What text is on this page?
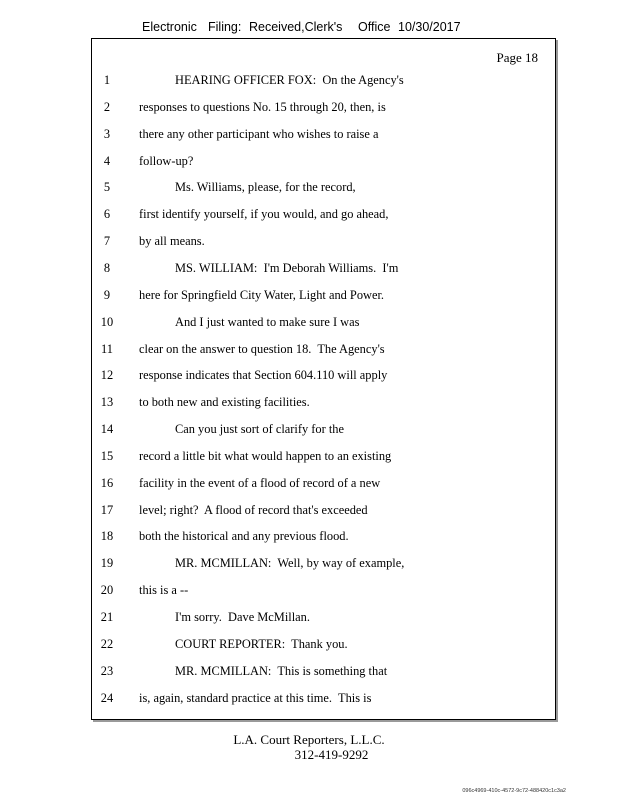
Electronic Filing: Received,Clerk's Office 10/30/2017
Page 18
1	HEARING OFFICER FOX:  On the Agency's
2	responses to questions No. 15 through 20, then, is
3	there any other participant who wishes to raise a
4	follow-up?
5	Ms. Williams, please, for the record,
6	first identify yourself, if you would, and go ahead,
7	by all means.
8	MS. WILLIAM:  I'm Deborah Williams.  I'm
9	here for Springfield City Water, Light and Power.
10	And I just wanted to make sure I was
11	clear on the answer to question 18.  The Agency's
12	response indicates that Section 604.110 will apply
13	to both new and existing facilities.
14	Can you just sort of clarify for the
15	record a little bit what would happen to an existing
16	facility in the event of a flood of record of a new
17	level; right?  A flood of record that's exceeded
18	both the historical and any previous flood.
19	MR. MCMILLAN:  Well, by way of example,
20	this is a --
21	I'm sorry.  Dave McMillan.
22	COURT REPORTER:  Thank you.
23	MR. MCMILLAN:  This is something that
24	is, again, standard practice at this time.  This is
L.A. Court Reporters, L.L.C.
312-419-9292
096c4969-410c-4572-9c72-488420c1c3a2
